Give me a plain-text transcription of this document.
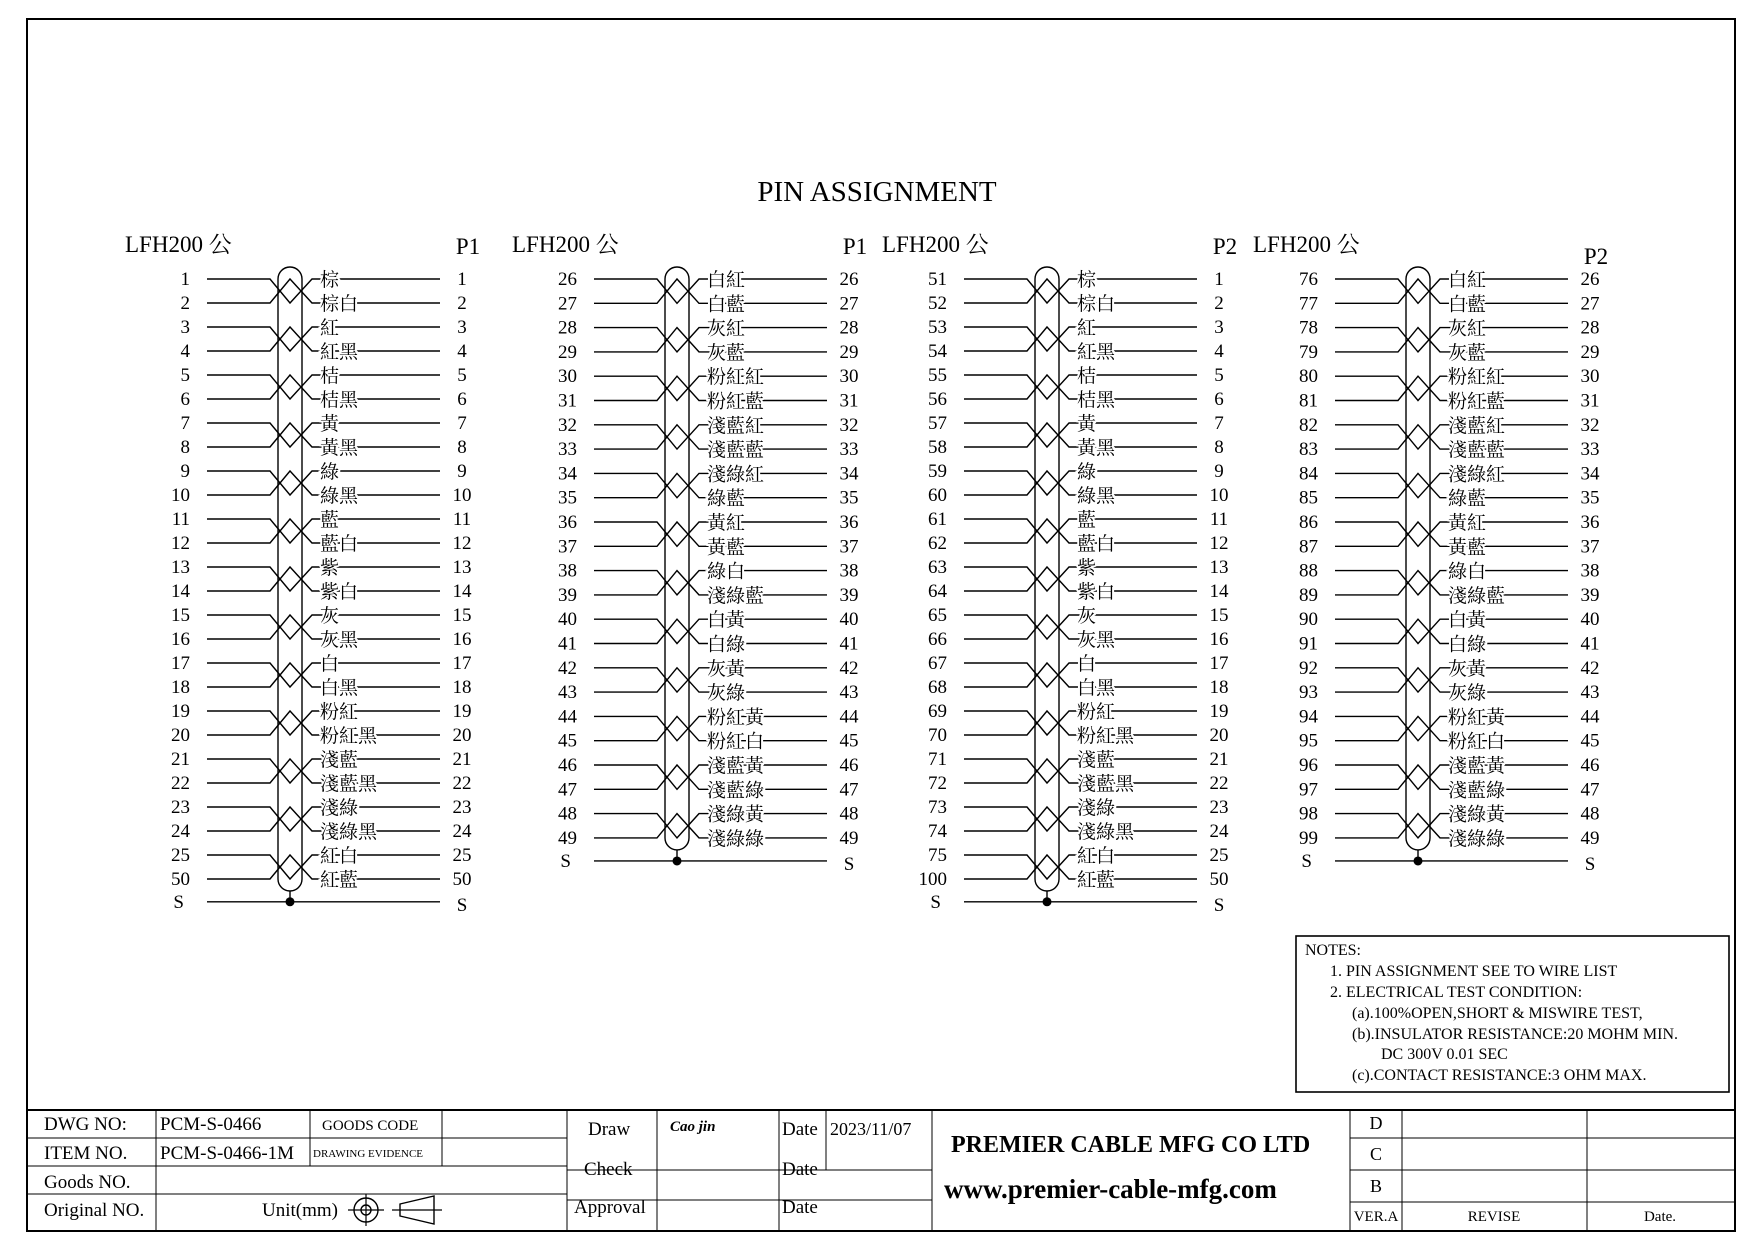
PIN ASSIGNMENT
LFH200 公	P1
1	棕	1
2	棕白	2
3	紅	3
4	紅黑	4
5	桔	5
6	桔黑	6
7	黃	7
8	黃黑	8
9	綠	9
10	綠黑	10
11	藍	11
12	藍白	12
13	紫	13
14	紫白	14
15	灰	15
16	灰黑	16
17	白	17
18	白黑	18
19	粉紅	19
20	粉紅黑	20
21	淺藍	21
22	淺藍黑	22
23	淺綠	23
24	淺綠黑	24
25	紅白	25
50	紅藍	50
S	S
LFH200 公	P1
26	白紅	26
27	白藍	27
28	灰紅	28
29	灰藍	29
30	粉紅紅	30
31	粉紅藍	31
32	淺藍紅	32
33	淺藍藍	33
34	淺綠紅	34
35	綠藍	35
36	黃紅	36
37	黃藍	37
38	綠白	38
39	淺綠藍	39
40	白黃	40
41	白綠	41
42	灰黃	42
43	灰綠	43
44	粉紅黃	44
45	粉紅白	45
46	淺藍黃	46
47	淺藍綠	47
48	淺綠黃	48
49	淺綠綠	49
S	S
LFH200 公	P2
51	棕	1
52	棕白	2
53	紅	3
54	紅黑	4
55	桔	5
56	桔黑	6
57	黃	7
58	黃黑	8
59	綠	9
60	綠黑	10
61	藍	11
62	藍白	12
63	紫	13
64	紫白	14
65	灰	15
66	灰黑	16
67	白	17
68	白黑	18
69	粉紅	19
70	粉紅黑	20
71	淺藍	21
72	淺藍黑	22
73	淺綠	23
74	淺綠黑	24
75	紅白	25
100	紅藍	50
S	S
LFH200 公	P2
76	白紅	26
77	白藍	27
78	灰紅	28
79	灰藍	29
80	粉紅紅	30
81	粉紅藍	31
82	淺藍紅	32
83	淺藍藍	33
84	淺綠紅	34
85	綠藍	35
86	黃紅	36
87	黃藍	37
88	綠白	38
89	淺綠藍	39
90	白黃	40
91	白綠	41
92	灰黃	42
93	灰綠	43
94	粉紅黃	44
95	粉紅白	45
96	淺藍黃	46
97	淺藍綠	47
98	淺綠黃	48
99	淺綠綠	49
S	S
NOTES:
1. PIN ASSIGNMENT SEE TO WIRE LIST
2. ELECTRICAL TEST CONDITION:
(a).100%OPEN,SHORT & MISWIRE TEST,
(b).INSULATOR RESISTANCE:20 MOHM MIN.
DC 300V 0.01 SEC
(c).CONTACT RESISTANCE:3 OHM MAX.
DWG NO: PCM-S-0466	GOODS CODE
ITEM NO. PCM-S-0466-1M DRAWING EVIDENCE
Goods NO.
Original NO.	Unit(mm)
Draw	Cao jin	Date 2023/11/07
Check	Date
Approval	Date
PREMIER CABLE MFG CO LTD
www.premier-cable-mfg.com
D
C
B
VER.A	REVISE	Date.
